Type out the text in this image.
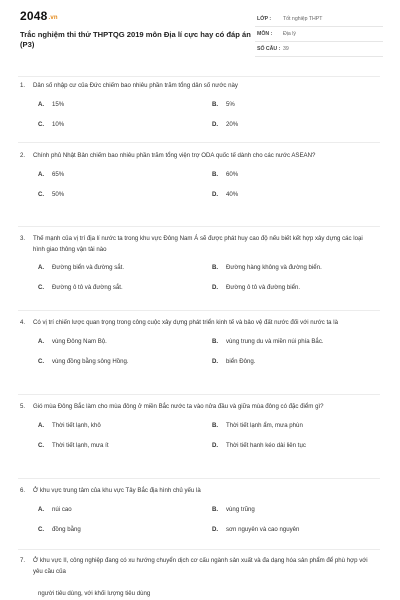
2048.vn
Trắc nghiệm thi thử THPTQG 2019 môn Địa lí cực hay có đáp án (P3)
LỚP : Tốt nghiệp THPT
MÔN : Địa lý
SỐ CÂU : 39
1. Dân số nhập cư của Đức chiếm bao nhiêu phần trăm tổng dân số nước này
A. 15%	B. 5%
C. 10%	D. 20%
2. Chính phủ Nhật Bản chiếm bao nhiêu phần trăm tổng viện trợ ODA quốc tế dành cho các nước ASEAN?
A. 65%	B. 60%
C. 50%	D. 40%
3. Thế mạnh của vị trí địa lí nước ta trong khu vực Đông Nam Á sẽ được phát huy cao độ nếu biết kết hợp xây dựng các loại hình giao thông vận tải nào
A. Đường biển và đường sắt.	B. Đường hàng không và đường biển.
C. Đường ô tô và đường sắt.	D. Đường ô tô và đường biển.
4. Có vị trí chiến lược quan trọng trong công cuộc xây dựng phát triển kinh tế và bảo vệ đất nước đối với nước ta là
A. vùng Đông Nam Bộ.	B. vùng trung du và miền núi phía Bắc.
C. vùng đồng bằng sông Hồng.	D. biển Đông.
5. Gió mùa Đông Bắc làm cho mùa đông ở miền Bắc nước ta vào nửa đầu và giữa mùa đông có đặc điểm gì?
A. Thời tiết lạnh, khô	B. Thời tiết lạnh ẩm, mưa phùn
C. Thời tiết lạnh, mưa ít	D. Thời tiết hanh kéo dài liên tục
6. Ở khu vực trung tâm của khu vực Tây Bắc địa hình chủ yếu là
A. núi cao	B. vùng trũng
C. đồng bằng	D. sơn nguyên và cao nguyên
7. Ở khu vực II, công nghiệp đang có xu hướng chuyển dịch cơ cấu ngành sản xuất và đa dạng hóa sản phẩm để phù hợp với yêu cầu của
người tiêu dùng, với khối lượng tiêu dùng
